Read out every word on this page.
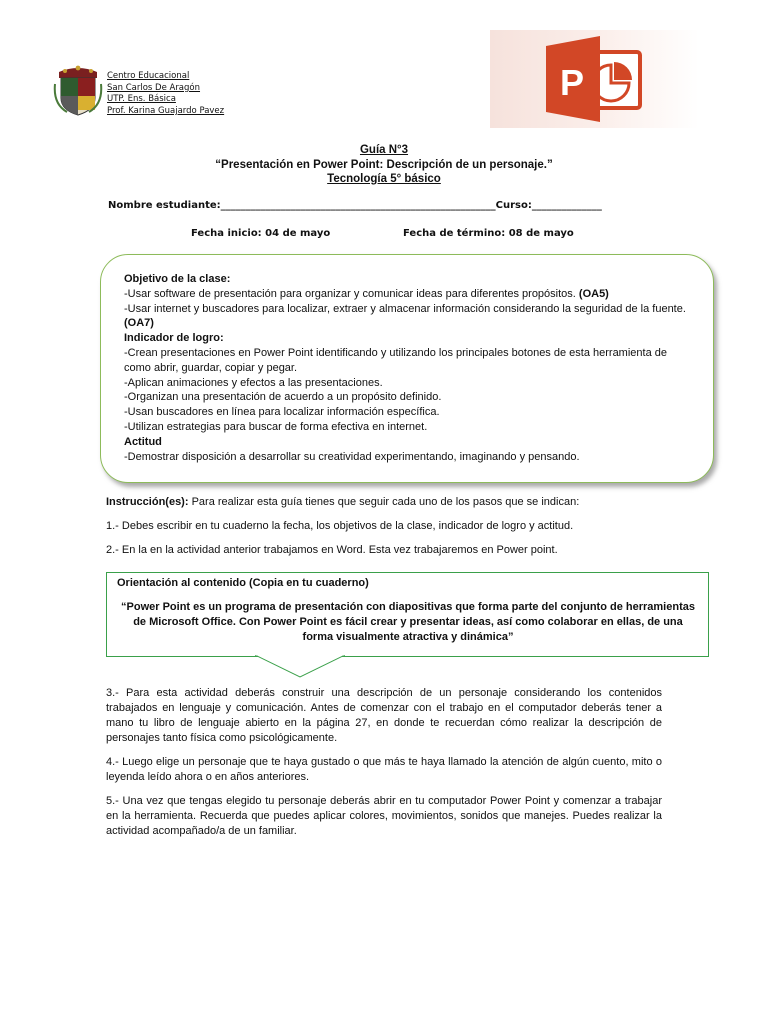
Centro Educacional
San Carlos De Aragón
UTP. Ens. Básica
Prof. Karina Guajardo Pavez
P
Guía N°3
“Presentación en Power Point: Descripción de un personaje.”
Tecnología 5° básico
Nombre estudiante:_______________________________________________________Curso:______________
Fecha inicio: 04 de mayo	Fecha de término: 08 de mayo
Objetivo de la clase:
-Usar software de presentación para organizar y comunicar ideas para diferentes propósitos. (OA5)
-Usar internet y buscadores para localizar, extraer y almacenar información considerando la seguridad de la fuente. (OA7)
Indicador de logro:
-Crean presentaciones en Power Point identificando y utilizando los principales botones de esta herramienta de como abrir, guardar, copiar y pegar.
-Aplican animaciones y efectos a las presentaciones.
-Organizan una presentación de acuerdo a un propósito definido.
-Usan buscadores en línea para localizar información específica.
-Utilizan estrategias para buscar de forma efectiva en internet.
Actitud
-Demostrar disposición a desarrollar su creatividad experimentando, imaginando y pensando.
Instrucción(es): Para realizar esta guía tienes que seguir cada uno de los pasos que se indican:
1.- Debes escribir en tu cuaderno la fecha, los objetivos de la clase, indicador de logro y actitud.
2.- En la en la actividad anterior trabajamos en Word. Esta vez trabajaremos en Power point.
Orientación al contenido (Copia en tu cuaderno)
“Power Point es un programa de presentación con diapositivas que forma parte del conjunto de herramientas de Microsoft Office. Con Power Point es fácil crear y presentar ideas, así como colaborar en ellas, de una forma visualmente atractiva y dinámica”
3.- Para esta actividad deberás construir una descripción de un personaje considerando los contenidos trabajados en lenguaje y comunicación. Antes de comenzar con el trabajo en el computador deberás tener a mano tu libro de lenguaje abierto en la página 27, en donde te recuerdan cómo realizar la descripción de personajes tanto física como psicológicamente.
4.- Luego elige un personaje que te haya gustado o que más te haya llamado la atención de algún cuento, mito o leyenda leído ahora o en años anteriores.
5.- Una vez que tengas elegido tu personaje deberás abrir en tu computador Power Point y comenzar a trabajar en la herramienta. Recuerda que puedes aplicar colores, movimientos, sonidos que manejes. Puedes realizar la actividad acompañado/a de un familiar.
